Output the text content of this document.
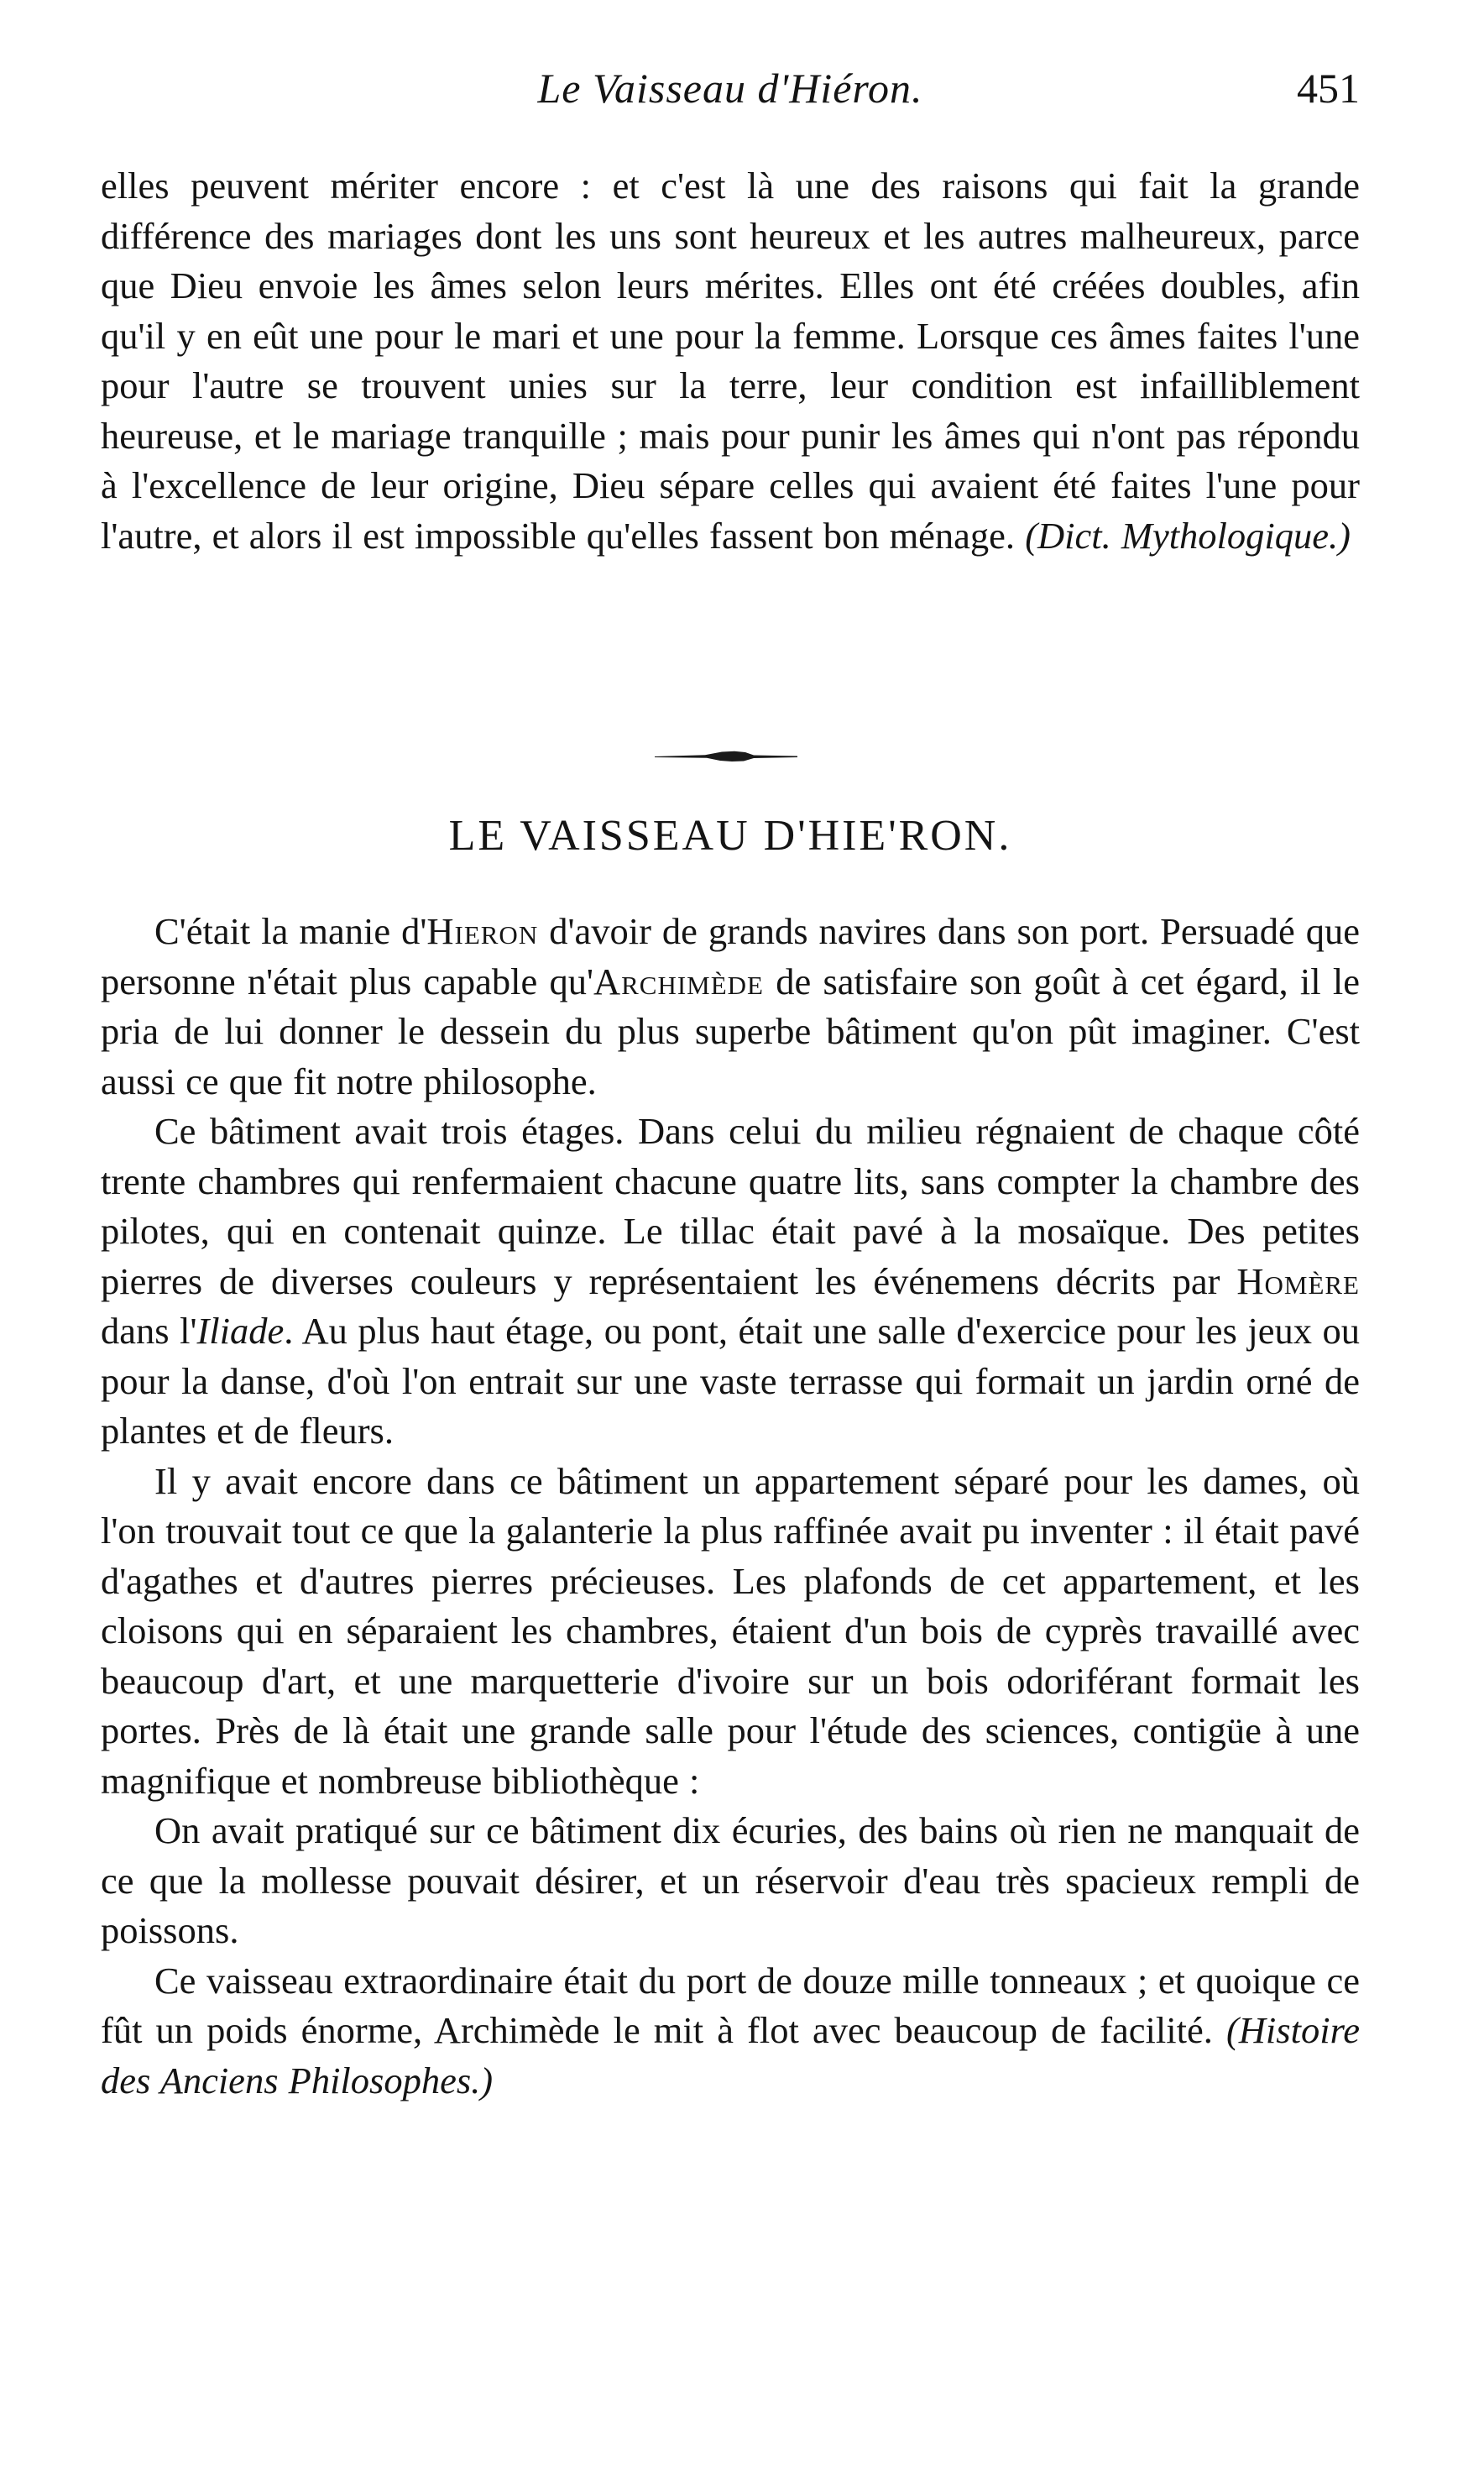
Le Vaisseau d'Hiéron.	451

elles peuvent mériter encore : et c'est là une des raisons qui fait la grande différence des mariages dont les uns sont heureux et les autres malheureux, parce que Dieu envoie les âmes selon leurs mérites. Elles ont été créées doubles, afin qu'il y en eût une pour le mari et une pour la femme. Lorsque ces âmes faites l'une pour l'autre se trouvent unies sur la terre, leur condition est infailliblement heureuse, et le mariage tranquille ; mais pour punir les âmes qui n'ont pas répondu à l'excellence de leur origine, Dieu sépare celles qui avaient été faites l'une pour l'autre, et alors il est impossible qu'elles fassent bon ménage. (Dict. Mythologique.)

LE VAISSEAU D'HIE'RON.

C'était la manie d'Hieron d'avoir de grands navires dans son port. Persuadé que personne n'était plus capable qu'Archimède de satisfaire son goût à cet égard, il le pria de lui donner le dessein du plus superbe bâtiment qu'on pût imaginer. C'est aussi ce que fit notre philosophe.

Ce bâtiment avait trois étages. Dans celui du milieu régnaient de chaque côté trente chambres qui renfermaient chacune quatre lits, sans compter la chambre des pilotes, qui en contenait quinze. Le tillac était pavé à la mosaïque. Des petites pierres de diverses couleurs y représentaient les événemens décrits par Homère dans l'Iliade. Au plus haut étage, ou pont, était une salle d'exercice pour les jeux ou pour la danse, d'où l'on entrait sur une vaste terrasse qui formait un jardin orné de plantes et de fleurs.

Il y avait encore dans ce bâtiment un appartement séparé pour les dames, où l'on trouvait tout ce que la galanterie la plus raffinée avait pu inventer : il était pavé d'agathes et d'autres pierres précieuses. Les plafonds de cet appartement, et les cloisons qui en séparaient les chambres, étaient d'un bois de cyprès travaillé avec beaucoup d'art, et une marquetterie d'ivoire sur un bois odoriférant formait les portes. Près de là était une grande salle pour l'étude des sciences, contigüe à une magnifique et nombreuse bibliothèque :

On avait pratiqué sur ce bâtiment dix écuries, des bains où rien ne manquait de ce que la mollesse pouvait désirer, et un réservoir d'eau très spacieux rempli de poissons.

Ce vaisseau extraordinaire était du port de douze mille tonneaux ; et quoique ce fût un poids énorme, Archimède le mit à flot avec beaucoup de facilité. (Histoire des Anciens Philosophes.)
